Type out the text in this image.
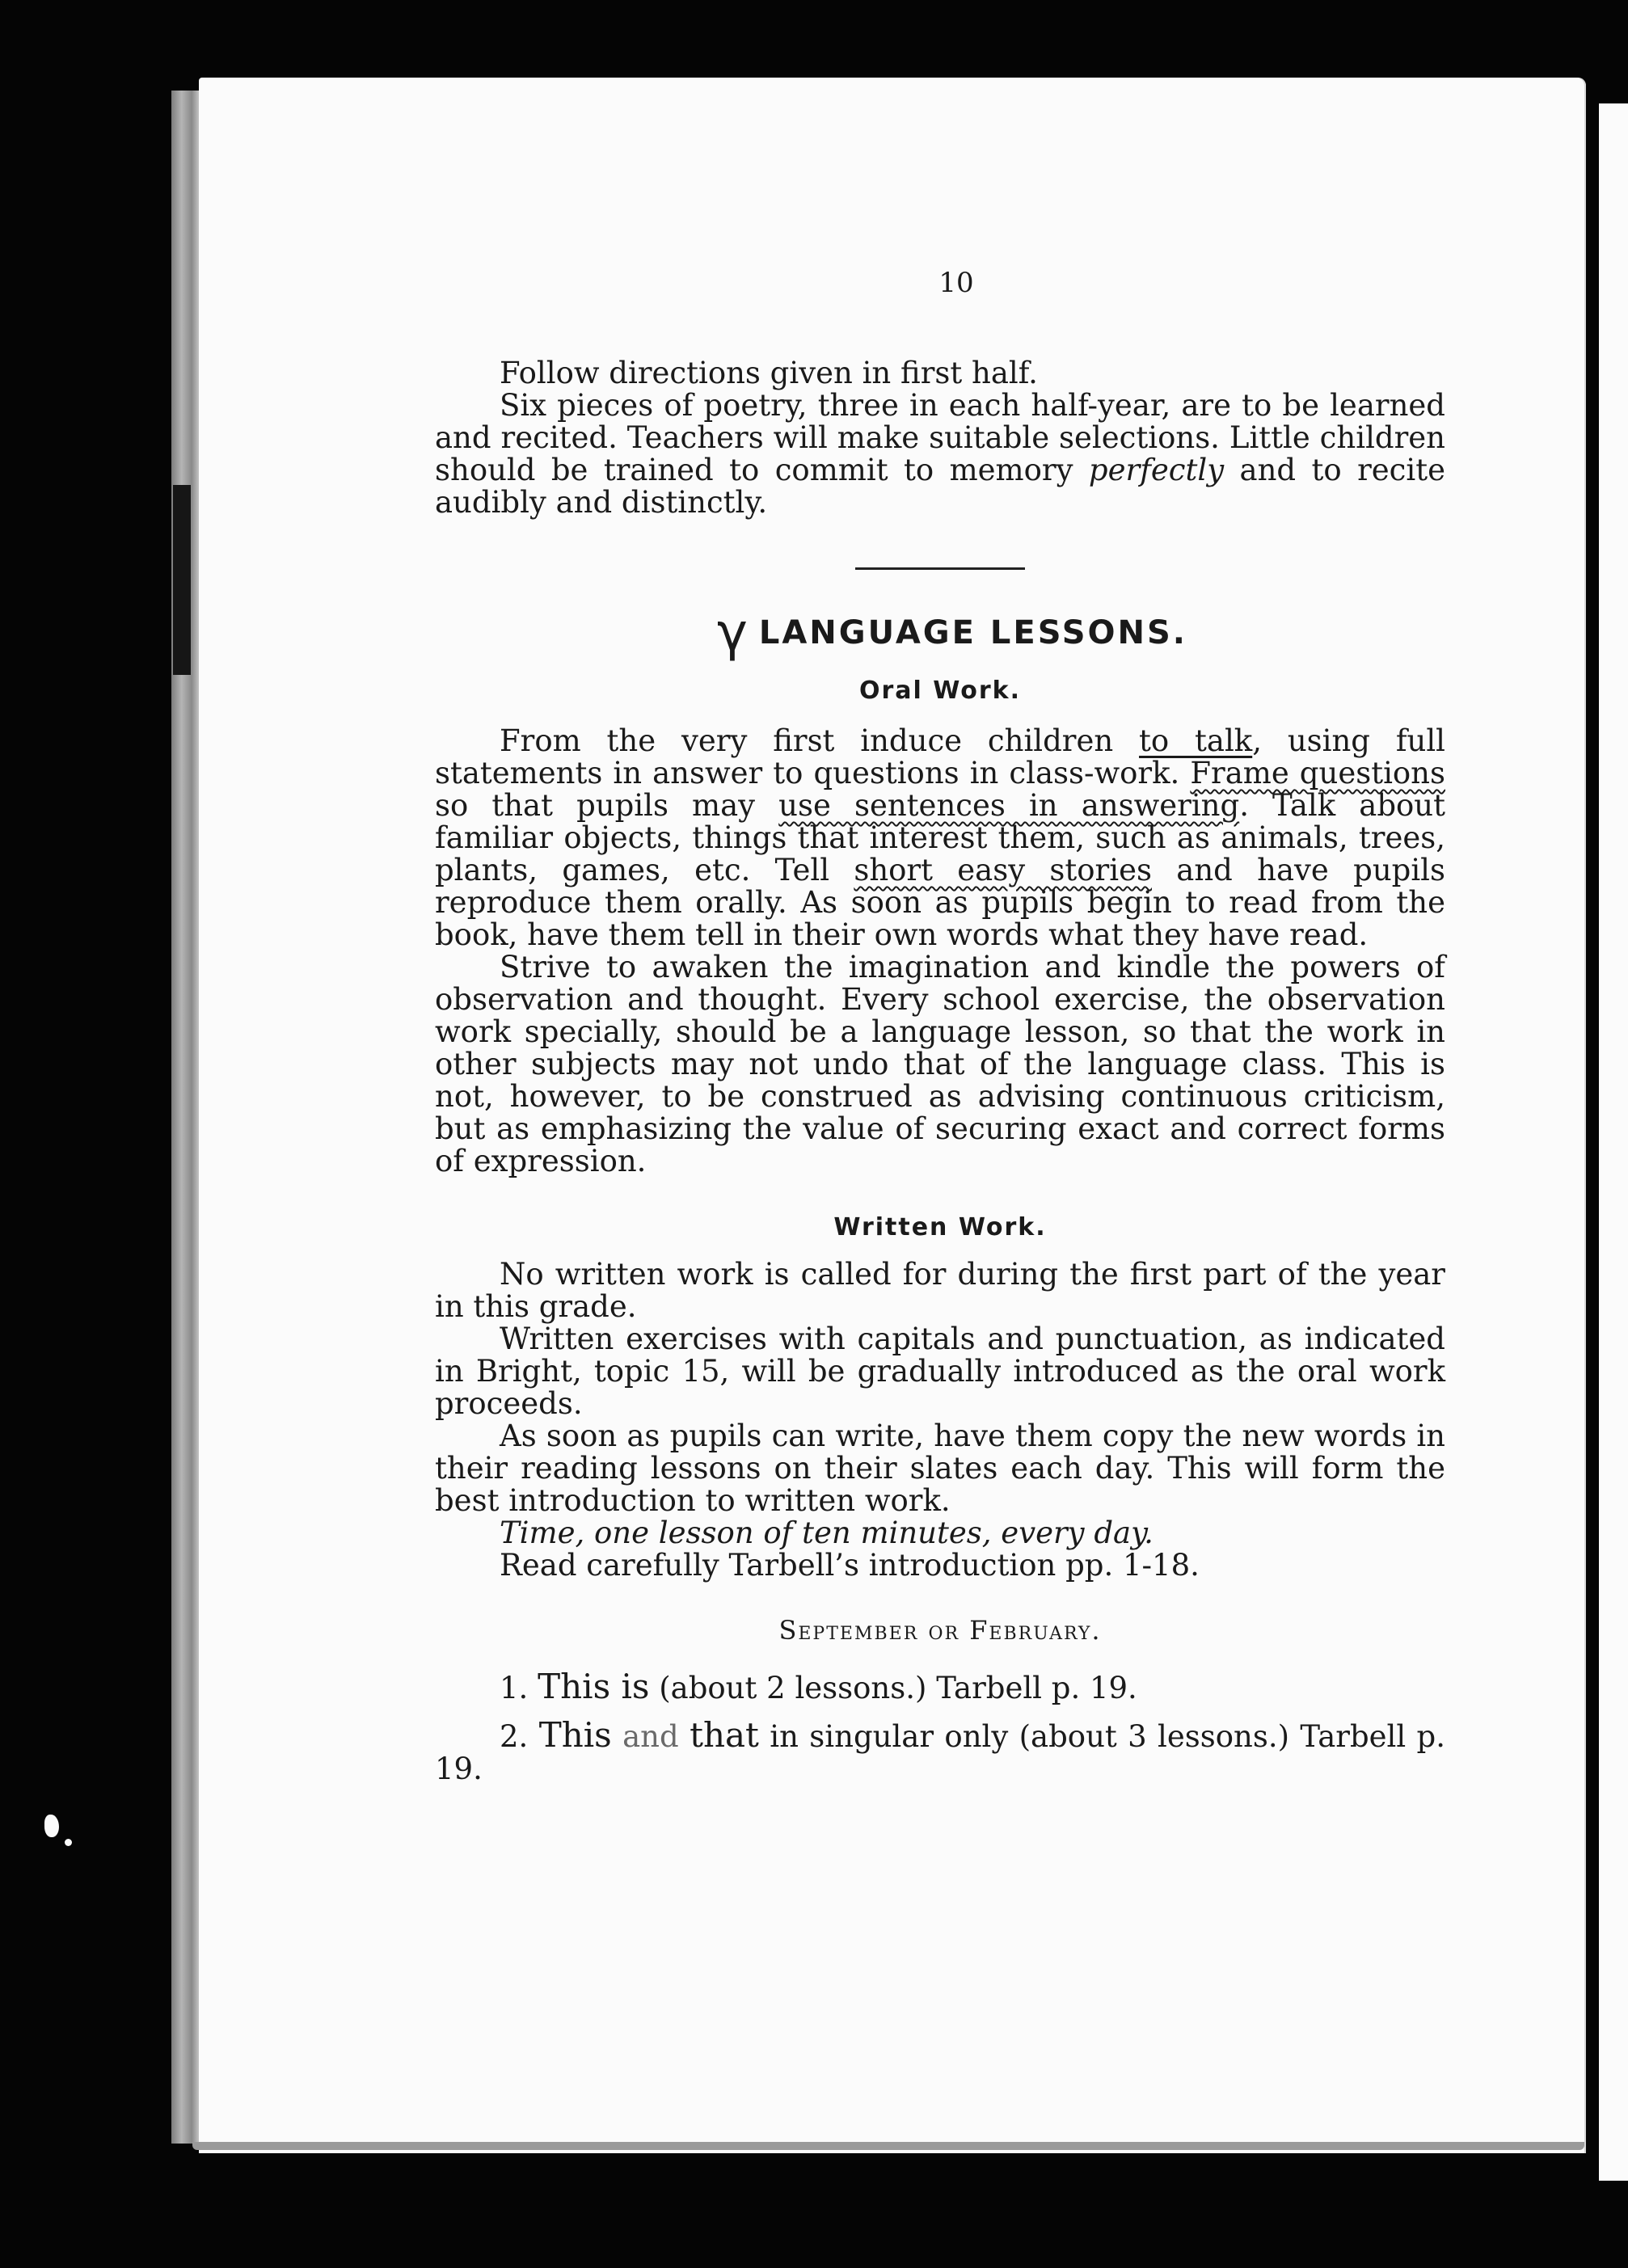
10

Follow directions given in first half.

Six pieces of poetry, three in each half-year, are to be learned and recited. Teachers will make suitable selections. Little children should be trained to commit to memory perfectly and to recite audibly and distinctly.

γLANGUAGE LESSONS.
Oral Work.

From the very first induce children to talk, using full statements in answer to questions in class-work. Frame questions so that pupils may use sentences in answering. Talk about familiar objects, things that interest them, such as animals, trees, plants, games, etc. Tell short easy stories and have pupils reproduce them orally. As soon as pupils begin to read from the book, have them tell in their own words what they have read.

Strive to awaken the imagination and kindle the powers of observation and thought. Every school exercise, the observation work specially, should be a language lesson, so that the work in other subjects may not undo that of the language class. This is not, however, to be construed as advising continuous criticism, but as emphasizing the value of securing exact and correct forms of expression.

Written Work.

No written work is called for during the first part of the year in this grade.

Written exercises with capitals and punctuation, as indicated in Bright, topic 15, will be gradually introduced as the oral work proceeds.

As soon as pupils can write, have them copy the new words in their reading lessons on their slates each day. This will form the best introduction to written work.

Time, one lesson of ten minutes, every day.

Read carefully Tarbell’s introduction pp. 1-18.

September or February.

1. This is (about 2 lessons.) Tarbell p. 19.

2. This and that in singular only (about 3 lessons.) Tarbell p. 19.
